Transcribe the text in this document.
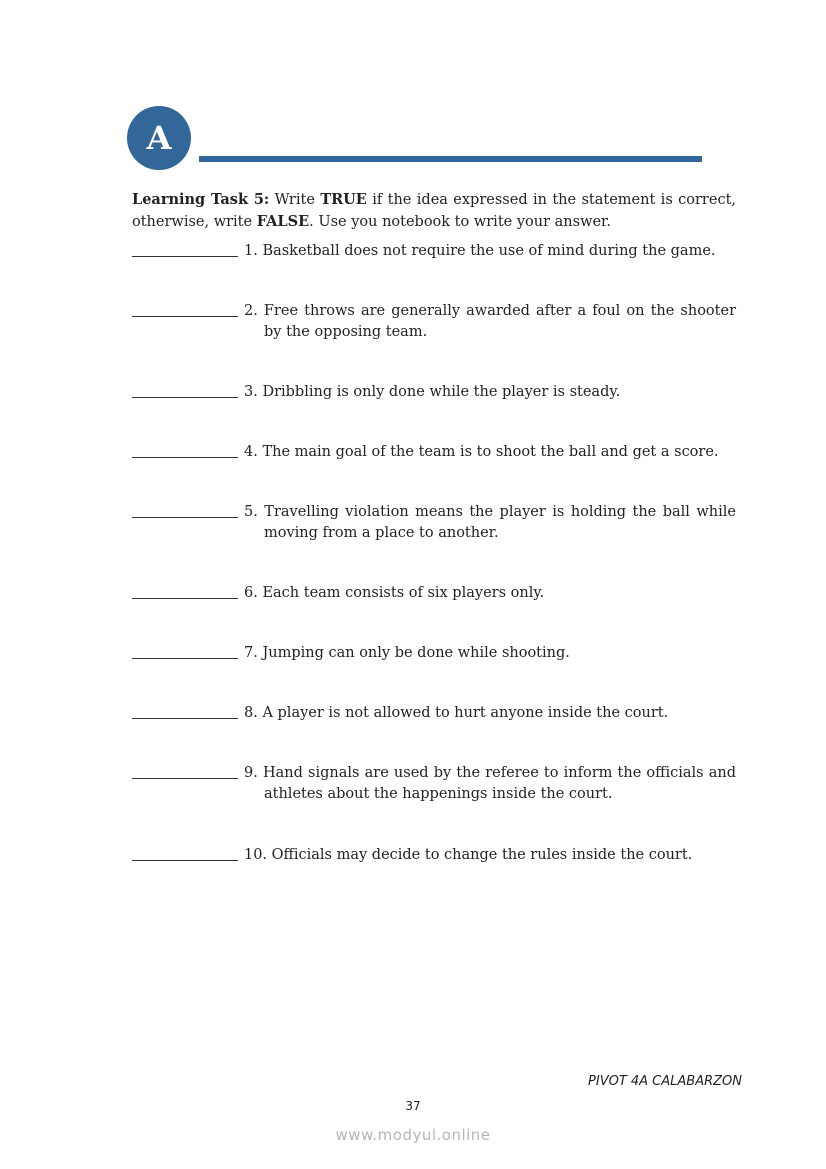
A
Learning Task 5: Write TRUE if the idea expressed in the statement is correct, otherwise, write FALSE. Use you notebook to write your answer.
1. Basketball does not require the use of mind during the game.
2. Free throws are generally awarded after a foul on the shooter by the opposing team.
3. Dribbling is only done while the player is steady.
4. The main goal of the team is to shoot the ball and get a score.
5. Travelling violation means the player is holding the ball while moving from a place to another.
6. Each team consists of six players only.
7. Jumping can only be done while shooting.
8. A player is not allowed to hurt anyone inside the court.
9. Hand signals are used by the referee to inform the officials and athletes about the happenings inside the court.
10. Officials may decide to change the rules inside the court.
PIVOT 4A CALABARZON
37
www.modyul.online
